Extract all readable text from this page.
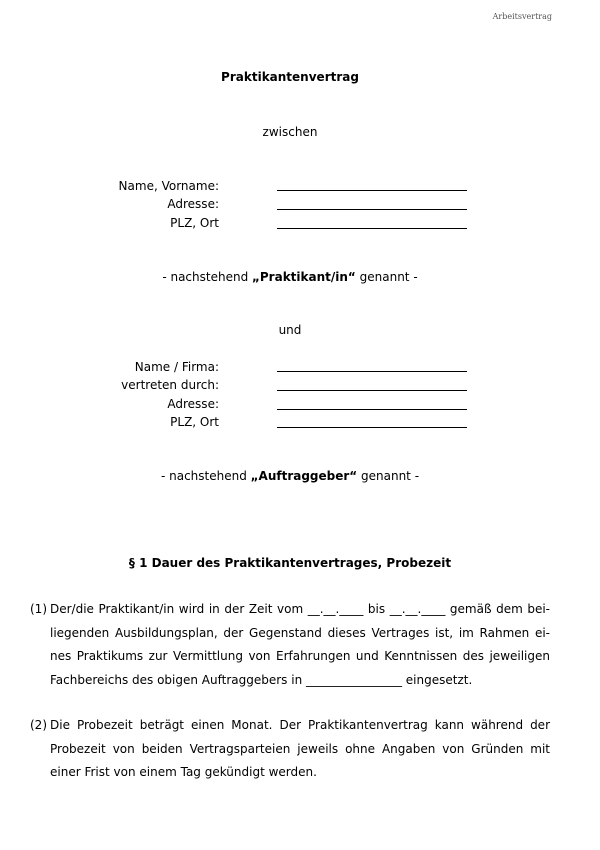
Arbeitsvertrag
Praktikantenvertrag
zwischen
Name, Vorname:
Adresse:
PLZ, Ort
- nachstehend „Praktikant/in“ genannt -
und
Name / Firma:
vertreten durch:
Adresse:
PLZ, Ort
- nachstehend „Auftraggeber“ genannt -
§ 1 Dauer des Praktikantenvertrages, Probezeit
(1) Der/die Praktikant/in wird in der Zeit vom __.__.____ bis __.__.____ gemäß dem bei-
liegenden Ausbildungsplan, der Gegenstand dieses Vertrages ist, im Rahmen ei-
nes Praktikums zur Vermittlung von Erfahrungen und Kenntnissen des jeweiligen
Fachbereichs des obigen Auftraggebers in ________________ eingesetzt.
(2) Die Probezeit beträgt einen Monat. Der Praktikantenvertrag kann während der
Probezeit von beiden Vertragsparteien jeweils ohne Angaben von Gründen mit
einer Frist von einem Tag gekündigt werden.
